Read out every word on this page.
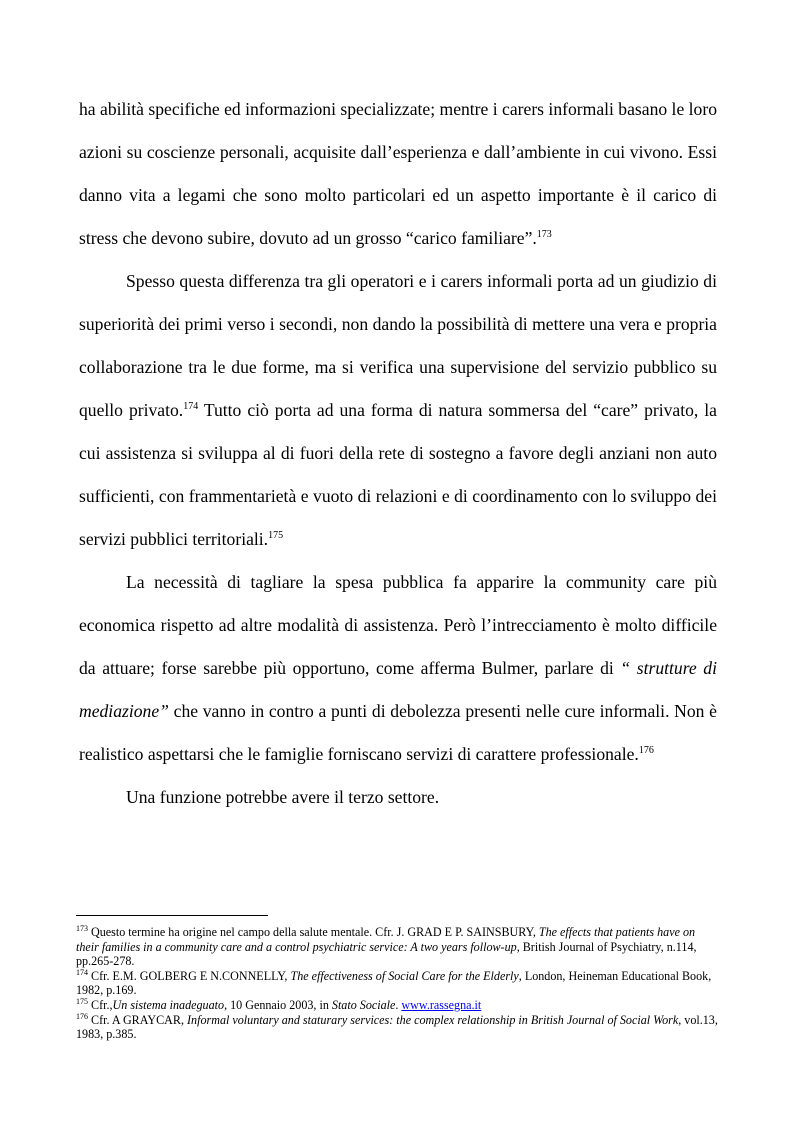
ha abilità specifiche ed informazioni specializzate; mentre i carers informali basano le loro azioni su coscienze personali, acquisite dall’esperienza e dall’ambiente in cui vivono. Essi danno vita a legami che sono molto particolari ed un aspetto importante è il carico di stress che devono subire, dovuto ad un grosso “carico familiare”.$^{173}$

Spesso questa differenza tra gli operatori e i carers informali porta ad un giudizio di superiorità dei primi verso i secondi, non dando la possibilità di mettere una vera e propria collaborazione tra le due forme, ma si verifica una supervisione del servizio pubblico su quello privato.$^{174}$ Tutto ciò porta ad una forma di natura sommersa del “care” privato, la cui assistenza si sviluppa al di fuori della rete di sostegno a favore degli anziani non auto sufficienti, con frammentarietà e vuoto di relazioni e di coordinamento con lo sviluppo dei servizi pubblici territoriali.$^{175}$

La necessità di tagliare la spesa pubblica fa apparire la community care più economica rispetto ad altre modalità di assistenza. Però l’intrecciamento è molto difficile da attuare; forse sarebbe più opportuno, come afferma Bulmer, parlare di “ strutture di mediazione” che vanno in contro a punti di debolezza presenti nelle cure informali. Non è realistico aspettarsi che le famiglie forniscano servizi di carattere professionale.$^{176}$

Una funzione potrebbe avere il terzo settore.

$^{173}$ Questo termine ha origine nel campo della salute mentale. Cfr. J. GRAD E P. SAINSBURY, The effects that patients have on their families in a community care and a control psychiatric service: A two years follow-up, British Journal of Psychiatry, n.114, pp.265-278.

$^{174}$ Cfr. E.M. GOLBERG E N.CONNELLY, The effectiveness of Social Care for the Elderly, London, Heineman Educational Book, 1982, p.169.

$^{175}$ Cfr.,Un sistema inadeguato, 10 Gennaio 2003, in Stato Sociale. www.rassegna.it

$^{176}$ Cfr. A GRAYCAR, Informal voluntary and staturary services: the complex relationship in British Journal of Social Work, vol.13, 1983, p.385.
